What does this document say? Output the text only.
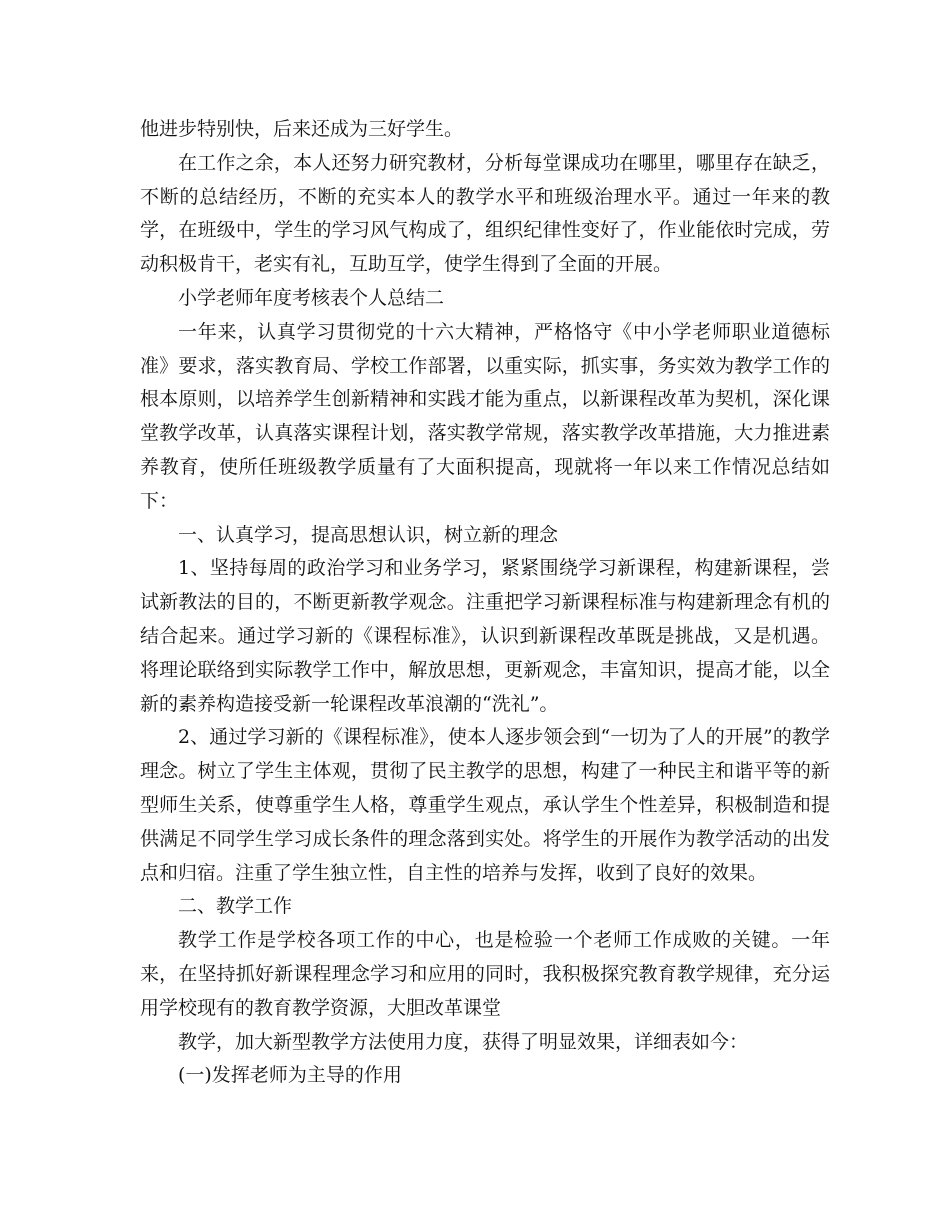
他进步特别快，后来还成为三好学生。

在工作之余，本人还努力研究教材，分析每堂课成功在哪里，哪里存在缺乏，不断的总结经历，不断的充实本人的教学水平和班级治理水平。通过一年来的教学，在班级中，学生的学习风气构成了，组织纪律性变好了，作业能依时完成，劳动积极肯干，老实有礼，互助互学，使学生得到了全面的开展。

小学老师年度考核表个人总结二

一年来，认真学习贯彻党的十六大精神，严格恪守《中小学老师职业道德标准》要求，落实教育局、学校工作部署，以重实际，抓实事，务实效为教学工作的根本原则，以培养学生创新精神和实践才能为重点，以新课程改革为契机，深化课堂教学改革，认真落实课程计划，落实教学常规，落实教学改革措施，大力推进素养教育，使所任班级教学质量有了大面积提高，现就将一年以来工作情况总结如下：

一、认真学习，提高思想认识，树立新的理念

1、坚持每周的政治学习和业务学习，紧紧围绕学习新课程，构建新课程，尝试新教法的目的，不断更新教学观念。注重把学习新课程标准与构建新理念有机的结合起来。通过学习新的《课程标准》，认识到新课程改革既是挑战，又是机遇。将理论联络到实际教学工作中，解放思想，更新观念，丰富知识，提高才能，以全新的素养构造接受新一轮课程改革浪潮的“洗礼”。

2、通过学习新的《课程标准》，使本人逐步领会到“一切为了人的开展”的教学理念。树立了学生主体观，贯彻了民主教学的思想，构建了一种民主和谐平等的新型师生关系，使尊重学生人格，尊重学生观点，承认学生个性差异，积极制造和提供满足不同学生学习成长条件的理念落到实处。将学生的开展作为教学活动的出发点和归宿。注重了学生独立性，自主性的培养与发挥，收到了良好的效果。

二、教学工作

教学工作是学校各项工作的中心，也是检验一个老师工作成败的关键。一年来，在坚持抓好新课程理念学习和应用的同时，我积极探究教育教学规律，充分运用学校现有的教育教学资源，大胆改革课堂

教学，加大新型教学方法使用力度，获得了明显效果，详细表如今：

(一)发挥老师为主导的作用
